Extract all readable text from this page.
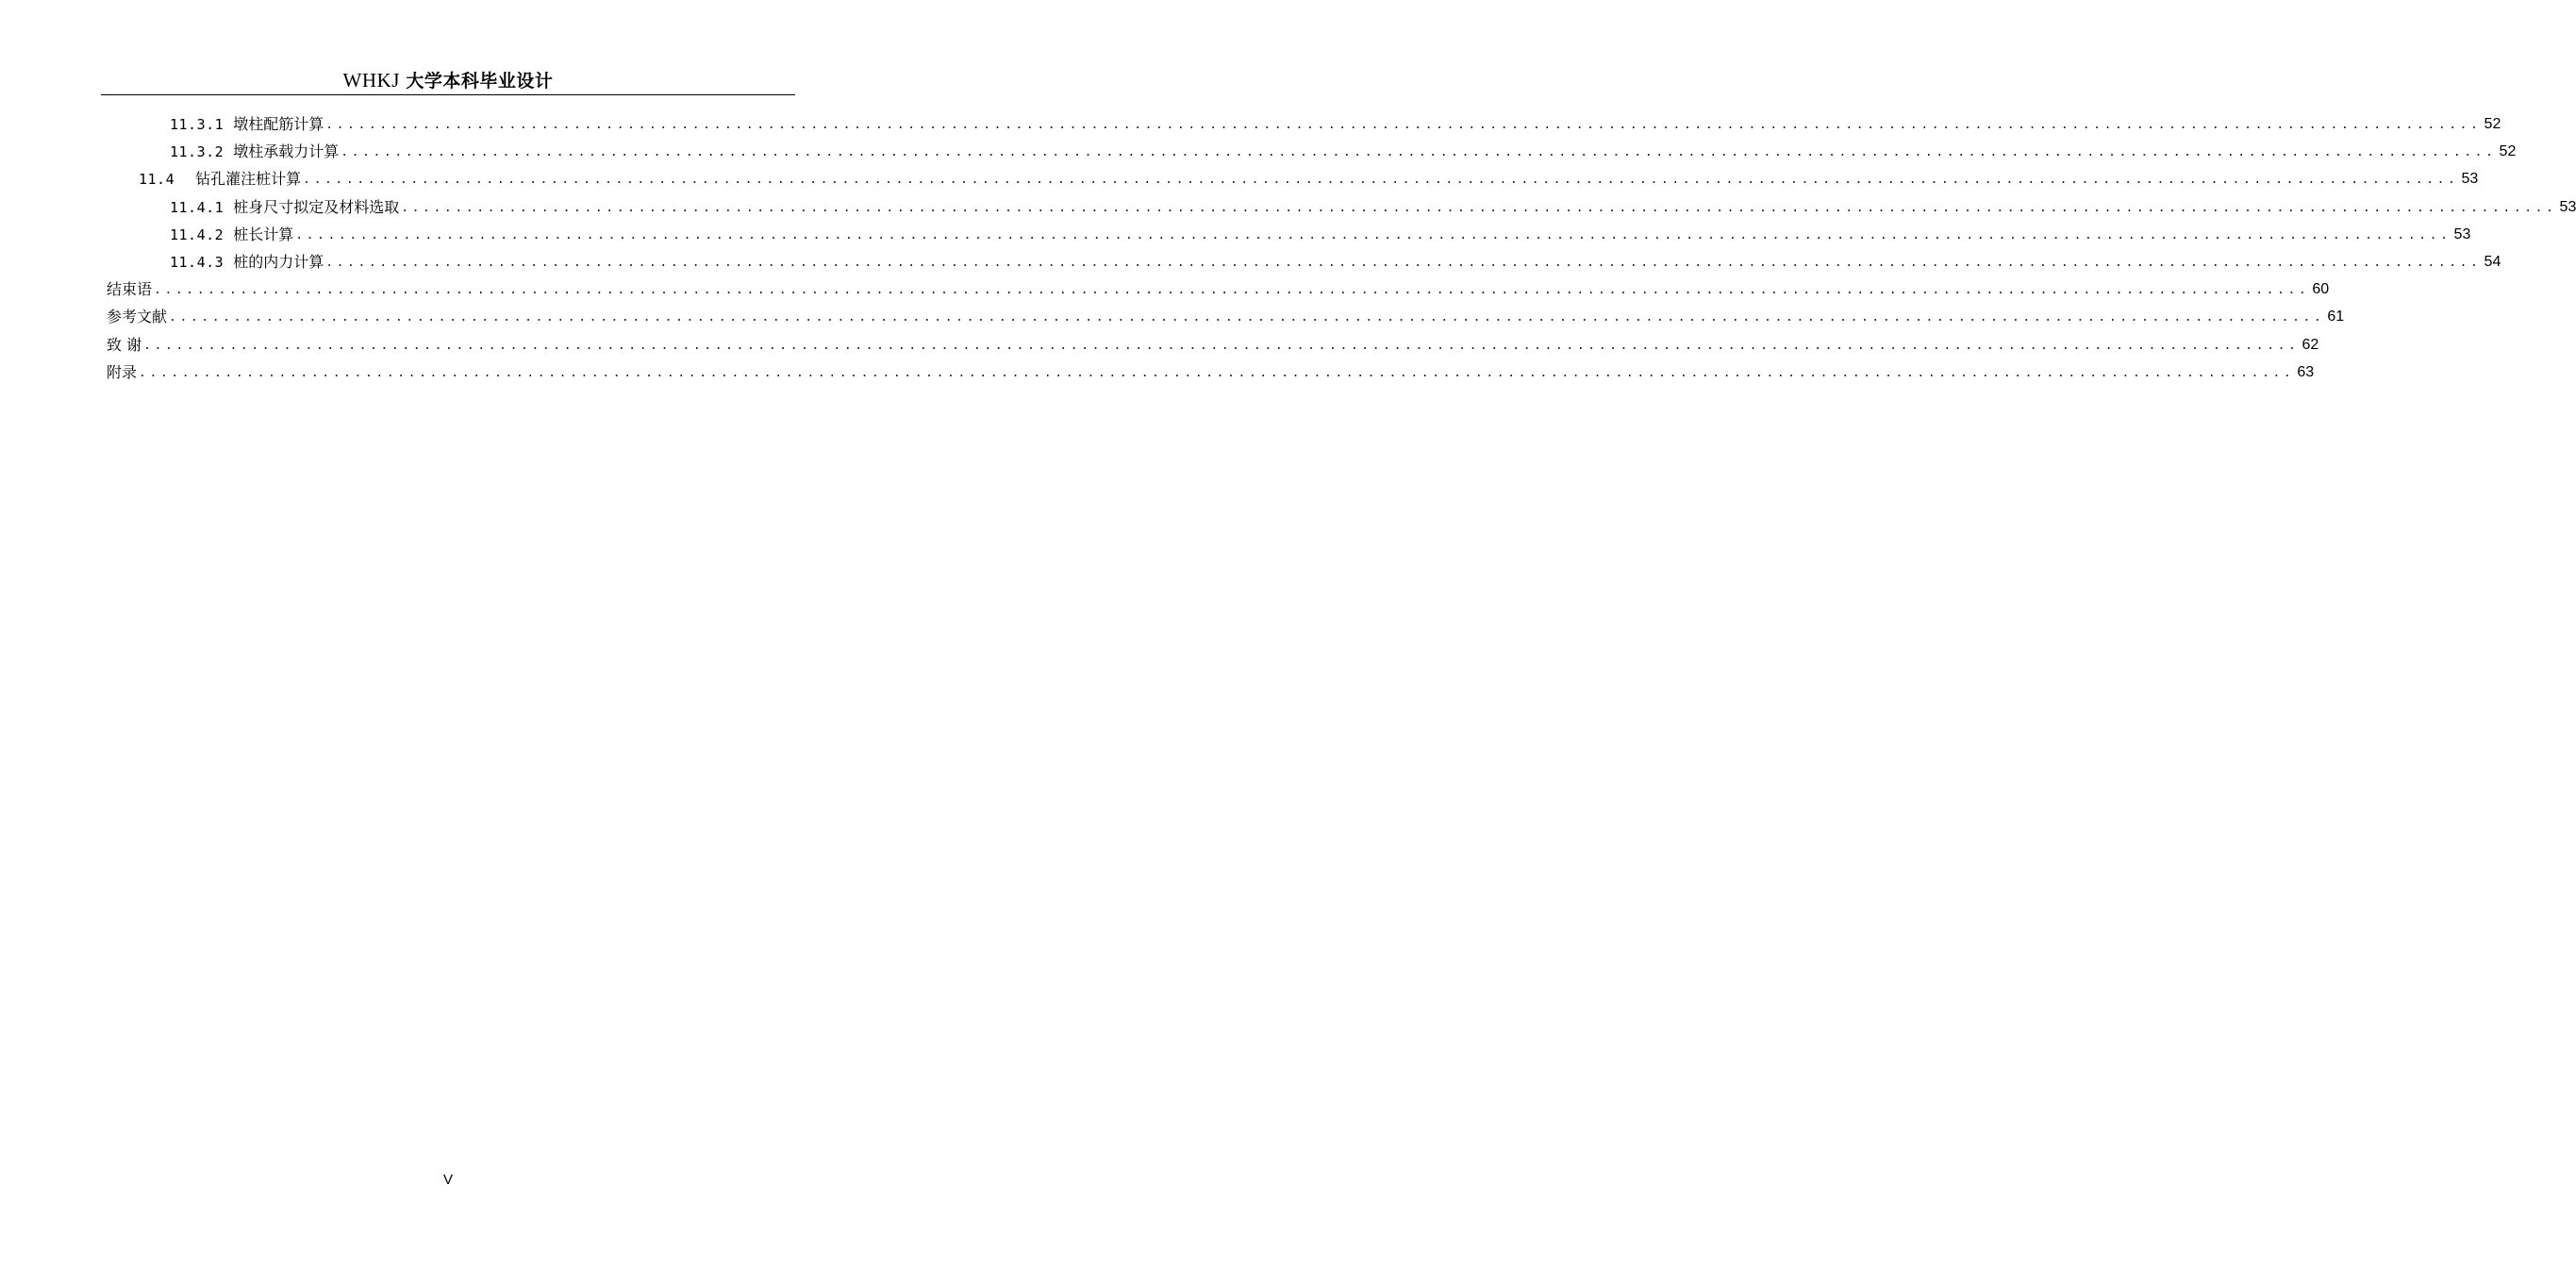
WHKJ 大学本科毕业设计
11.3.1 墩柱配筋计算 ........................................................................................................................................................................................................ 52
11.3.2 墩柱承载力计算 ........................................................................................................................................................................................................ 52
11.4 钻孔灌注桩计算 ........................................................................................................................................................................................................ 53
11.4.1 桩身尺寸拟定及材料选取 ........................................................................................................................................................................................................ 53
11.4.2 桩长计算 ........................................................................................................................................................................................................ 53
11.4.3 桩的内力计算 ........................................................................................................................................................................................................ 54
结束语 ........................................................................................................................................................................................................ 60
参考文献 ........................................................................................................................................................................................................ 61
致 谢 ........................................................................................................................................................................................................ 62
附录 ........................................................................................................................................................................................................ 63
V
